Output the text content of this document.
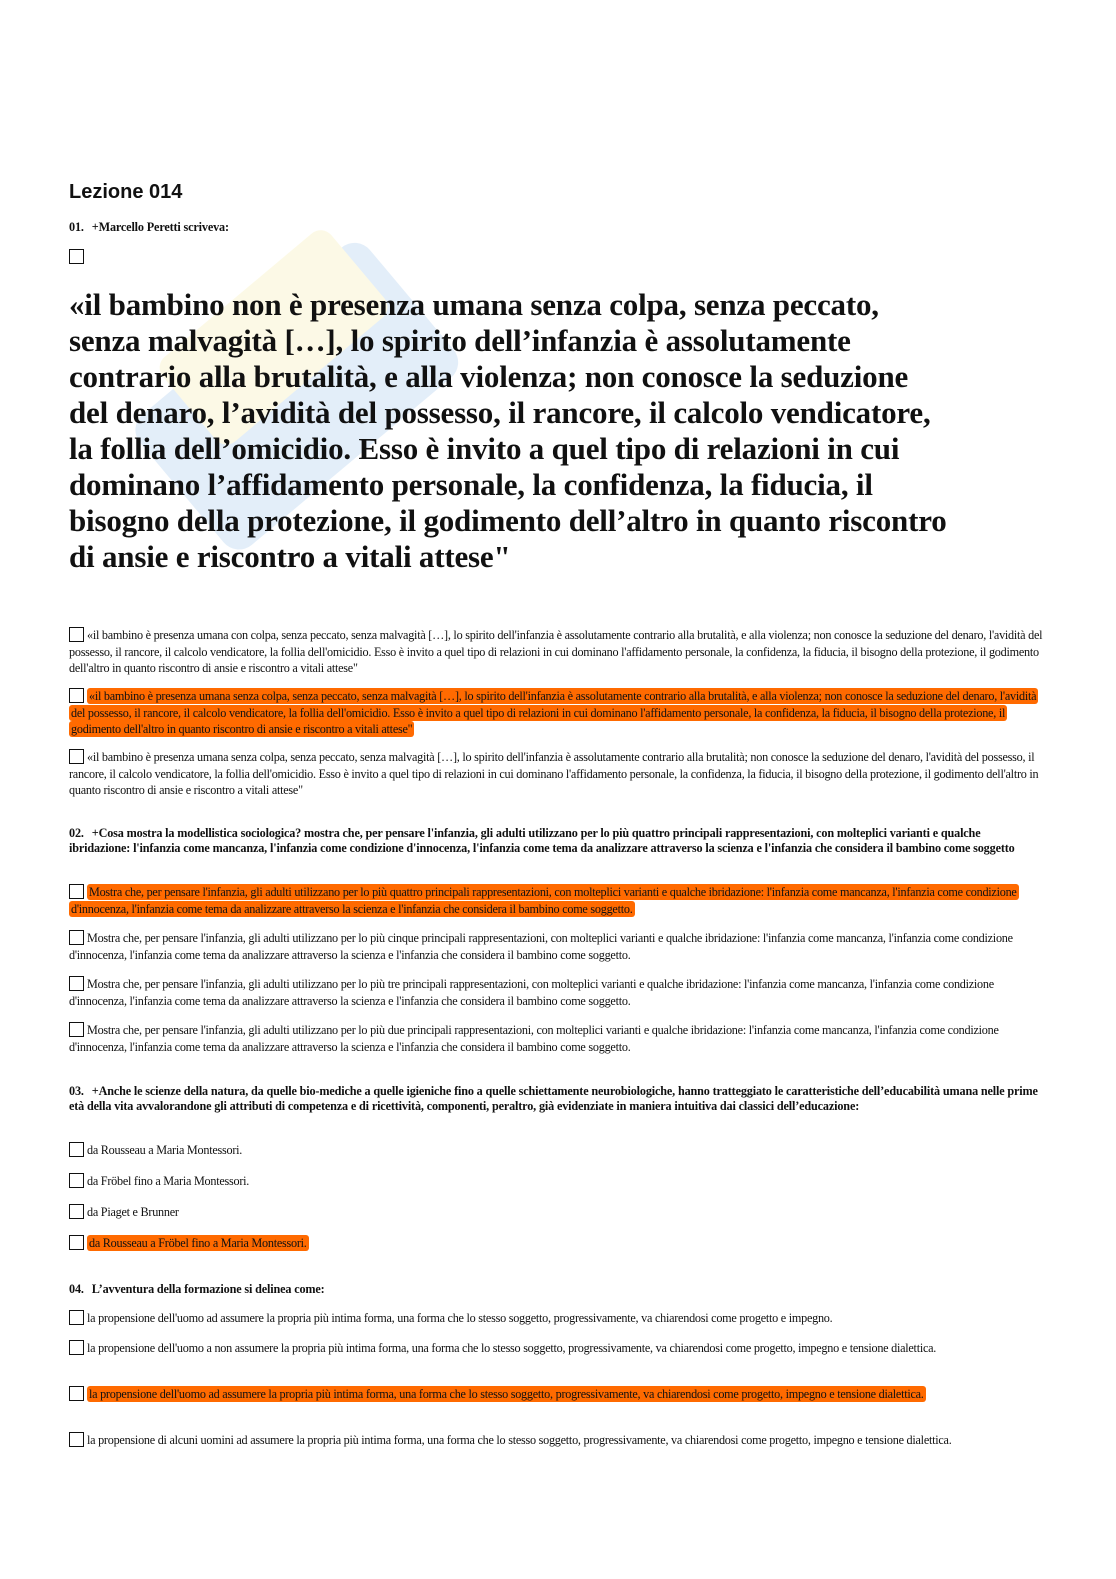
Lezione 014
01. +Marcello Peretti scriveva:
«il bambino non è presenza umana senza colpa, senza peccato,
senza malvagità […], lo spirito dell’infanzia è assolutamente
contrario alla brutalità, e alla violenza; non conosce la seduzione
del denaro, l’avidità del possesso, il rancore, il calcolo vendicatore,
la follia dell’omicidio. Esso è invito a quel tipo di relazioni in cui
dominano l’affidamento personale, la confidenza, la fiducia, il
bisogno della protezione, il godimento dell’altro in quanto riscontro
di ansie e riscontro a vitali attese"
«il bambino è presenza umana con colpa, senza peccato, senza malvagità […], lo spirito dell'infanzia è assolutamente contrario alla brutalità, e alla violenza; non conosce la seduzione del denaro, l'avidità del possesso, il rancore, il calcolo vendicatore, la follia dell'omicidio. Esso è invito a quel tipo di relazioni in cui dominano l'affidamento personale, la confidenza, la fiducia, il bisogno della protezione, il godimento dell'altro in quanto riscontro di ansie e riscontro a vitali attese"
«il bambino è presenza umana senza colpa, senza peccato, senza malvagità […], lo spirito dell'infanzia è assolutamente contrario alla brutalità, e alla violenza; non conosce la seduzione del denaro, l'avidità del possesso, il rancore, il calcolo vendicatore, la follia dell'omicidio. Esso è invito a quel tipo di relazioni in cui dominano l'affidamento personale, la confidenza, la fiducia, il bisogno della protezione, il godimento dell'altro in quanto riscontro di ansie e riscontro a vitali attese"
«il bambino è presenza umana senza colpa, senza peccato, senza malvagità […], lo spirito dell'infanzia è assolutamente contrario alla brutalità; non conosce la seduzione del denaro, l'avidità del possesso, il rancore, il calcolo vendicatore, la follia dell'omicidio. Esso è invito a quel tipo di relazioni in cui dominano l'affidamento personale, la confidenza, la fiducia, il bisogno della protezione, il godimento dell'altro in quanto riscontro di ansie e riscontro a vitali attese"
02. +Cosa mostra la modellistica sociologica? mostra che, per pensare l'infanzia, gli adulti utilizzano per lo più quattro principali rappresentazioni, con molteplici varianti e qualche ibridazione: l'infanzia come mancanza, l'infanzia come condizione d'innocenza, l'infanzia come tema da analizzare attraverso la scienza e l'infanzia che considera il bambino come soggetto
Mostra che, per pensare l'infanzia, gli adulti utilizzano per lo più quattro principali rappresentazioni, con molteplici varianti e qualche ibridazione: l'infanzia come mancanza, l'infanzia come condizione d'innocenza, l'infanzia come tema da analizzare attraverso la scienza e l'infanzia che considera il bambino come soggetto.
Mostra che, per pensare l'infanzia, gli adulti utilizzano per lo più cinque principali rappresentazioni, con molteplici varianti e qualche ibridazione: l'infanzia come mancanza, l'infanzia come condizione d'innocenza, l'infanzia come tema da analizzare attraverso la scienza e l'infanzia che considera il bambino come soggetto.
Mostra che, per pensare l'infanzia, gli adulti utilizzano per lo più tre principali rappresentazioni, con molteplici varianti e qualche ibridazione: l'infanzia come mancanza, l'infanzia come condizione d'innocenza, l'infanzia come tema da analizzare attraverso la scienza e l'infanzia che considera il bambino come soggetto.
Mostra che, per pensare l'infanzia, gli adulti utilizzano per lo più due principali rappresentazioni, con molteplici varianti e qualche ibridazione: l'infanzia come mancanza, l'infanzia come condizione d'innocenza, l'infanzia come tema da analizzare attraverso la scienza e l'infanzia che considera il bambino come soggetto.
03. +Anche le scienze della natura, da quelle bio-mediche a quelle igieniche fino a quelle schiettamente neurobiologiche, hanno tratteggiato le caratteristiche dell’educabilità umana nelle prime età della vita avvalorandone gli attributi di competenza e di ricettività, componenti, peraltro, già evidenziate in maniera intuitiva dai classici dell’educazione:
da Rousseau a Maria Montessori.
da Fröbel fino a Maria Montessori.
da Piaget e Brunner
da Rousseau a Fröbel fino a Maria Montessori.
04. L’avventura della formazione si delinea come:
la propensione dell'uomo ad assumere la propria più intima forma, una forma che lo stesso soggetto, progressivamente, va chiarendosi come progetto e impegno.
la propensione dell'uomo a non assumere la propria più intima forma, una forma che lo stesso soggetto, progressivamente, va chiarendosi come progetto, impegno e tensione dialettica.
la propensione dell'uomo ad assumere la propria più intima forma, una forma che lo stesso soggetto, progressivamente, va chiarendosi come progetto, impegno e tensione dialettica.
la propensione di alcuni uomini ad assumere la propria più intima forma, una forma che lo stesso soggetto, progressivamente, va chiarendosi come progetto, impegno e tensione dialettica.
